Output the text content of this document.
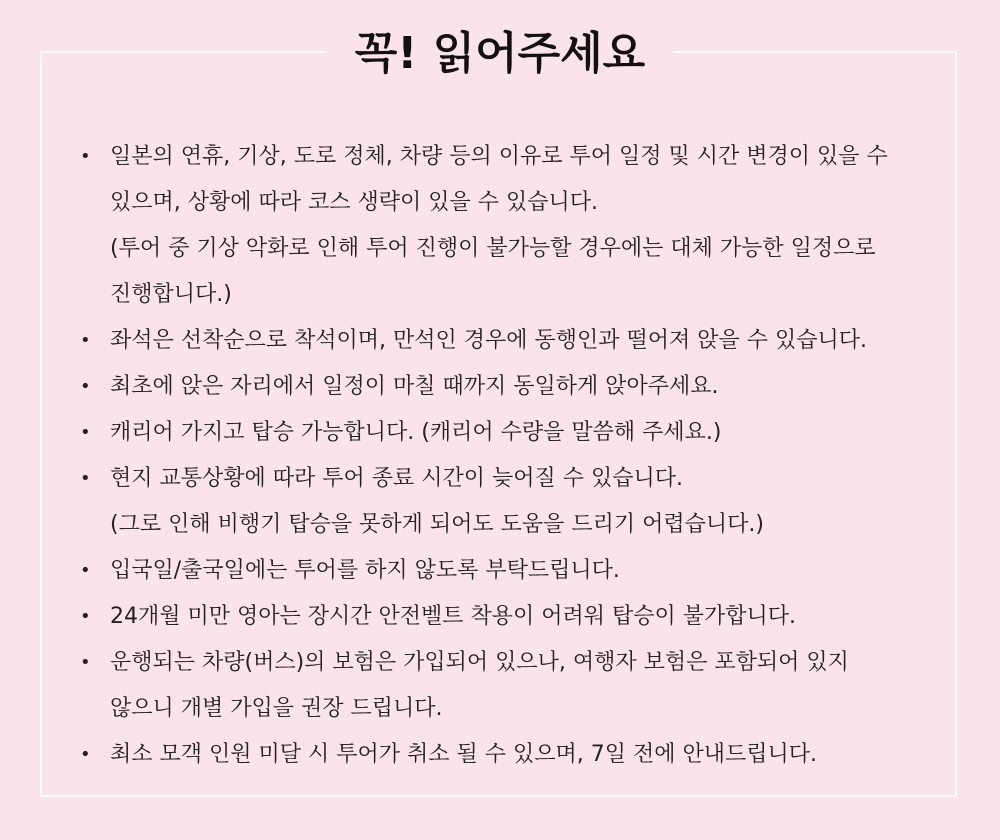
꼭! 읽어주세요
• 일본의 연휴, 기상, 도로 정체, 차량 등의 이유로 투어 일정 및 시간 변경이 있을 수
있으며, 상황에 따라 코스 생략이 있을 수 있습니다.
(투어 중 기상 악화로 인해 투어 진행이 불가능할 경우에는 대체 가능한 일정으로
진행합니다.)
• 좌석은 선착순으로 착석이며, 만석인 경우에 동행인과 떨어져 앉을 수 있습니다.
• 최초에 앉은 자리에서 일정이 마칠 때까지 동일하게 앉아주세요.
• 캐리어 가지고 탑승 가능합니다. (캐리어 수량을 말씀해 주세요.)
• 현지 교통상황에 따라 투어 종료 시간이 늦어질 수 있습니다.
(그로 인해 비행기 탑승을 못하게 되어도 도움을 드리기 어렵습니다.)
• 입국일/출국일에는 투어를 하지 않도록 부탁드립니다.
• 24개월 미만 영아는 장시간 안전벨트 착용이 어려워 탑승이 불가합니다.
• 운행되는 차량(버스)의 보험은 가입되어 있으나, 여행자 보험은 포함되어 있지
않으니 개별 가입을 권장 드립니다.
• 최소 모객 인원 미달 시 투어가 취소 될 수 있으며, 7일 전에 안내드립니다.
